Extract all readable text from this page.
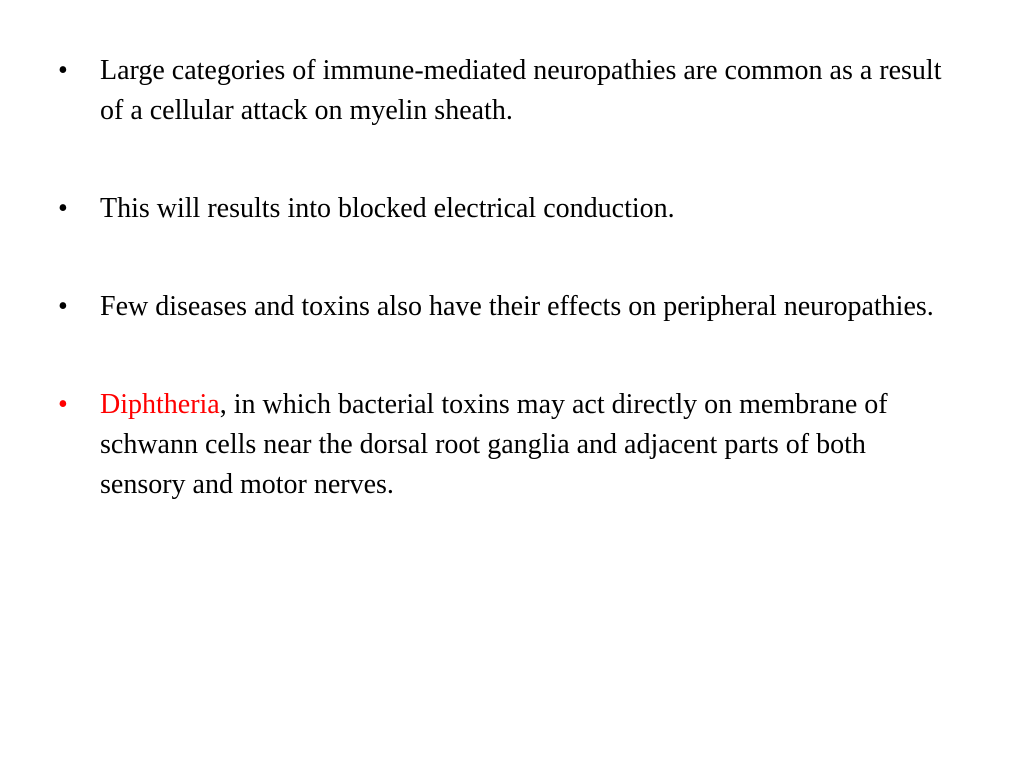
•	Large categories of immune-mediated neuropathies are common as a result of a cellular attack on myelin sheath.
•	This will results into blocked electrical conduction.
•	Few diseases and toxins also have their effects on peripheral neuropathies.
•	Diphtheria, in which bacterial toxins may act directly on membrane of schwann cells near the dorsal root ganglia and adjacent parts of both sensory and motor nerves.
